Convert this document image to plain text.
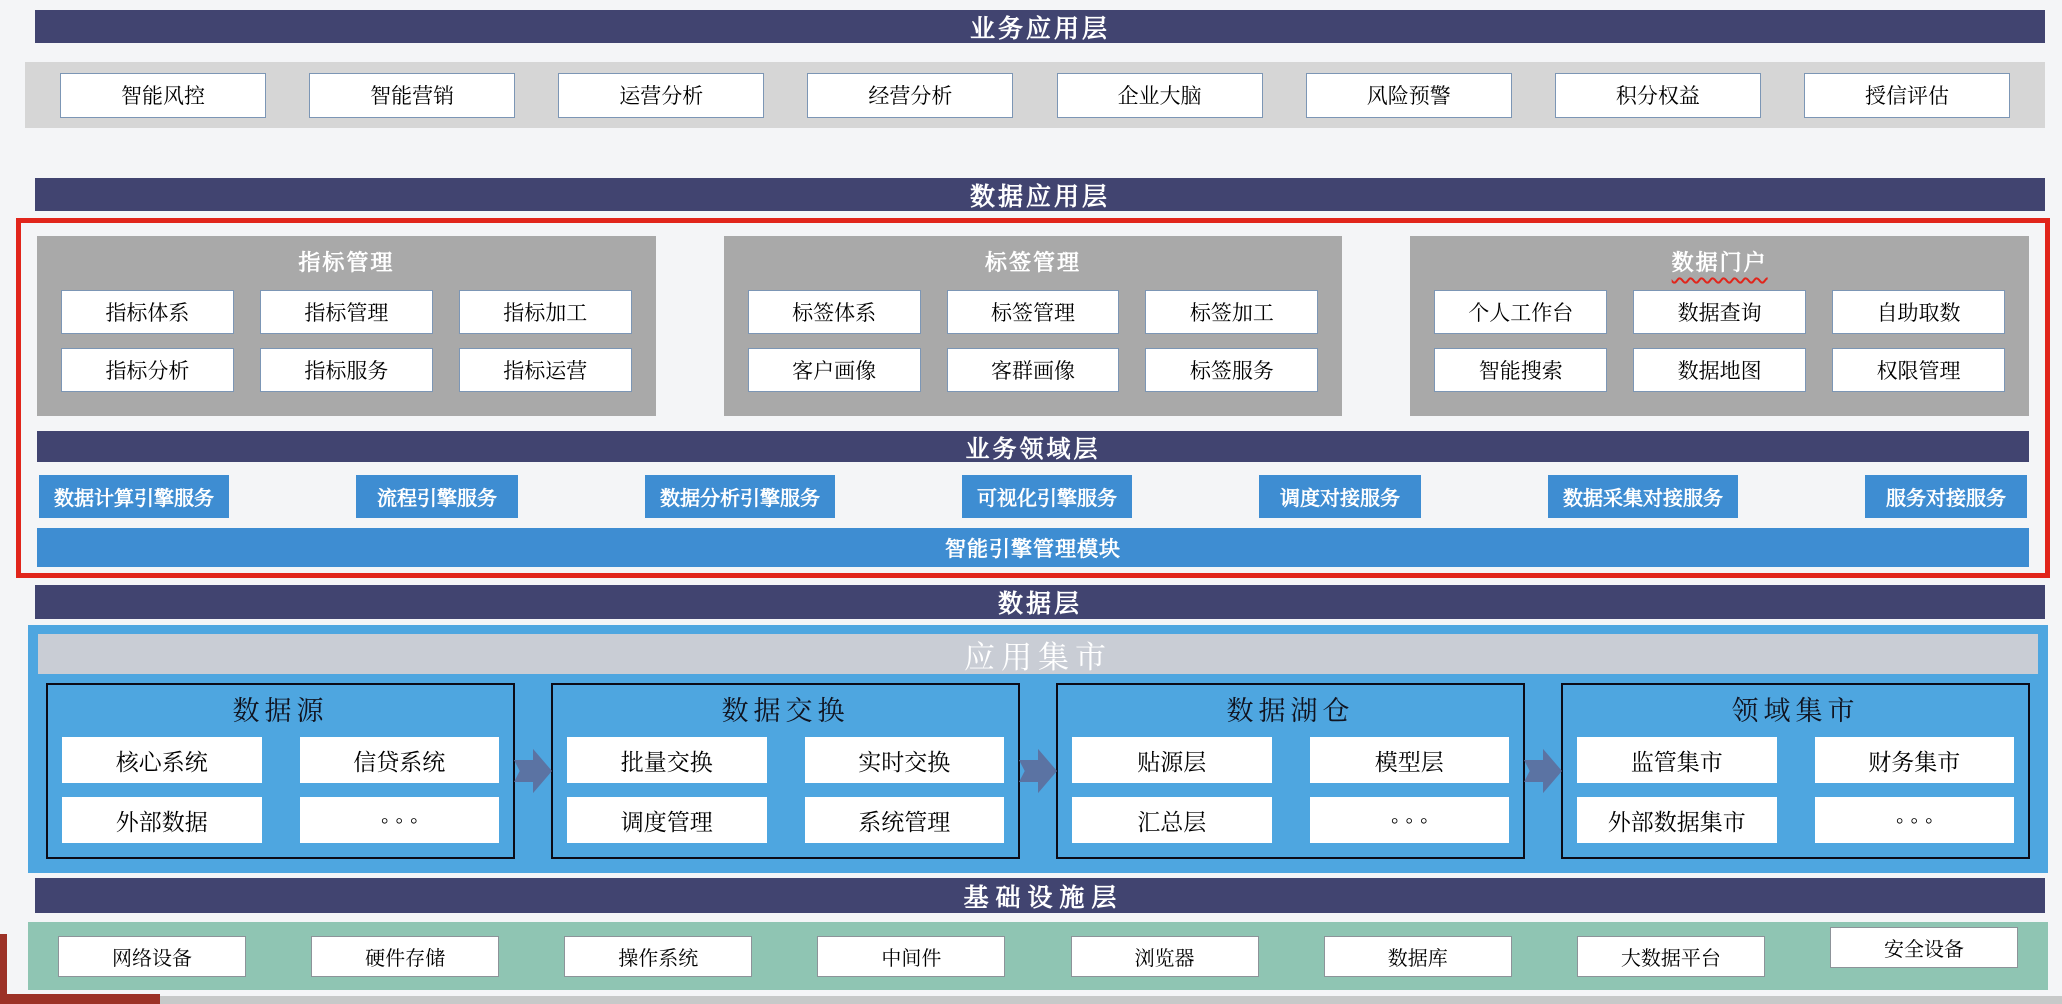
业务应用层
智能风控	智能营销	运营分析	经营分析	企业大脑	风险预警	积分权益	授信评估
数据应用层
指标管理
指标体系	指标管理	指标加工
指标分析	指标服务	指标运营
标签管理
标签体系	标签管理	标签加工
客户画像	客群画像	标签服务
数据门户
个人工作台	数据查询	自助取数
智能搜索	数据地图	权限管理
业务领域层
数据计算引擎服务	流程引擎服务	数据分析引擎服务	可视化引擎服务	调度对接服务	数据采集对接服务	服务对接服务
智能引擎管理模块
数据层
应用集市
数据源
核心系统	信贷系统
外部数据	◦ ◦ ◦
数据交换
批量交换	实时交换
调度管理	系统管理
数据湖仓
贴源层	模型层
汇总层	◦ ◦ ◦
领域集市
监管集市	财务集市
外部数据集市	◦ ◦ ◦
基 础 设 施 层
网络设备	硬件存储	操作系统	中间件	浏览器	数据库	大数据平台	安全设备
